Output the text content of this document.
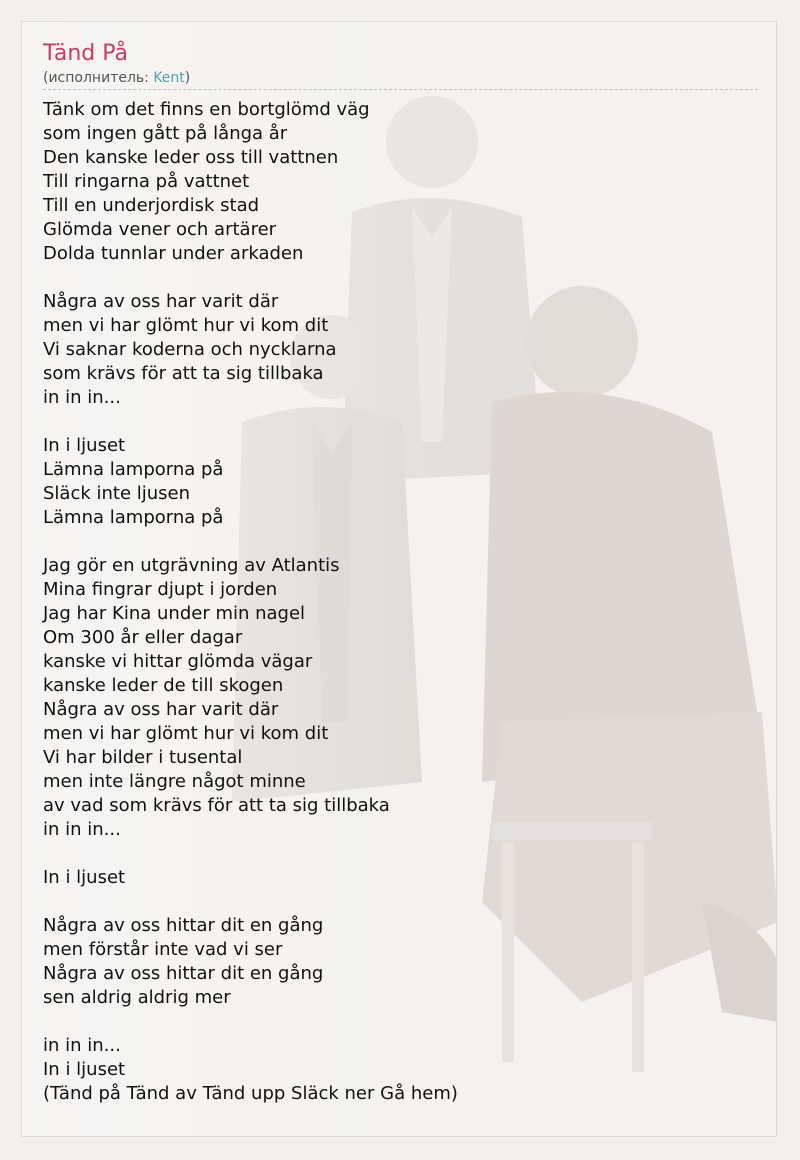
Tänd På
(исполнитель: Kent)
Tänk om det finns en bortglömd väg
som ingen gått på långa år
Den kanske leder oss till vattnen
Till ringarna på vattnet
Till en underjordisk stad
Glömda vener och artärer
Dolda tunnlar under arkaden
Några av oss har varit där
men vi har glömt hur vi kom dit
Vi saknar koderna och nycklarna
som krävs för att ta sig tillbaka
in in in...
In i ljuset
Lämna lamporna på
Släck inte ljusen
Lämna lamporna på
Jag gör en utgrävning av Atlantis
Mina fingrar djupt i jorden
Jag har Kina under min nagel
Om 300 år eller dagar
kanske vi hittar glömda vägar
kanske leder de till skogen
Några av oss har varit där
men vi har glömt hur vi kom dit
Vi har bilder i tusental
men inte längre något minne
av vad som krävs för att ta sig tillbaka
in in in...
In i ljuset
Några av oss hittar dit en gång
men förstår inte vad vi ser
Några av oss hittar dit en gång
sen aldrig aldrig mer
in in in...
In i ljuset
(Tänd på Tänd av Tänd upp Släck ner Gå hem)
